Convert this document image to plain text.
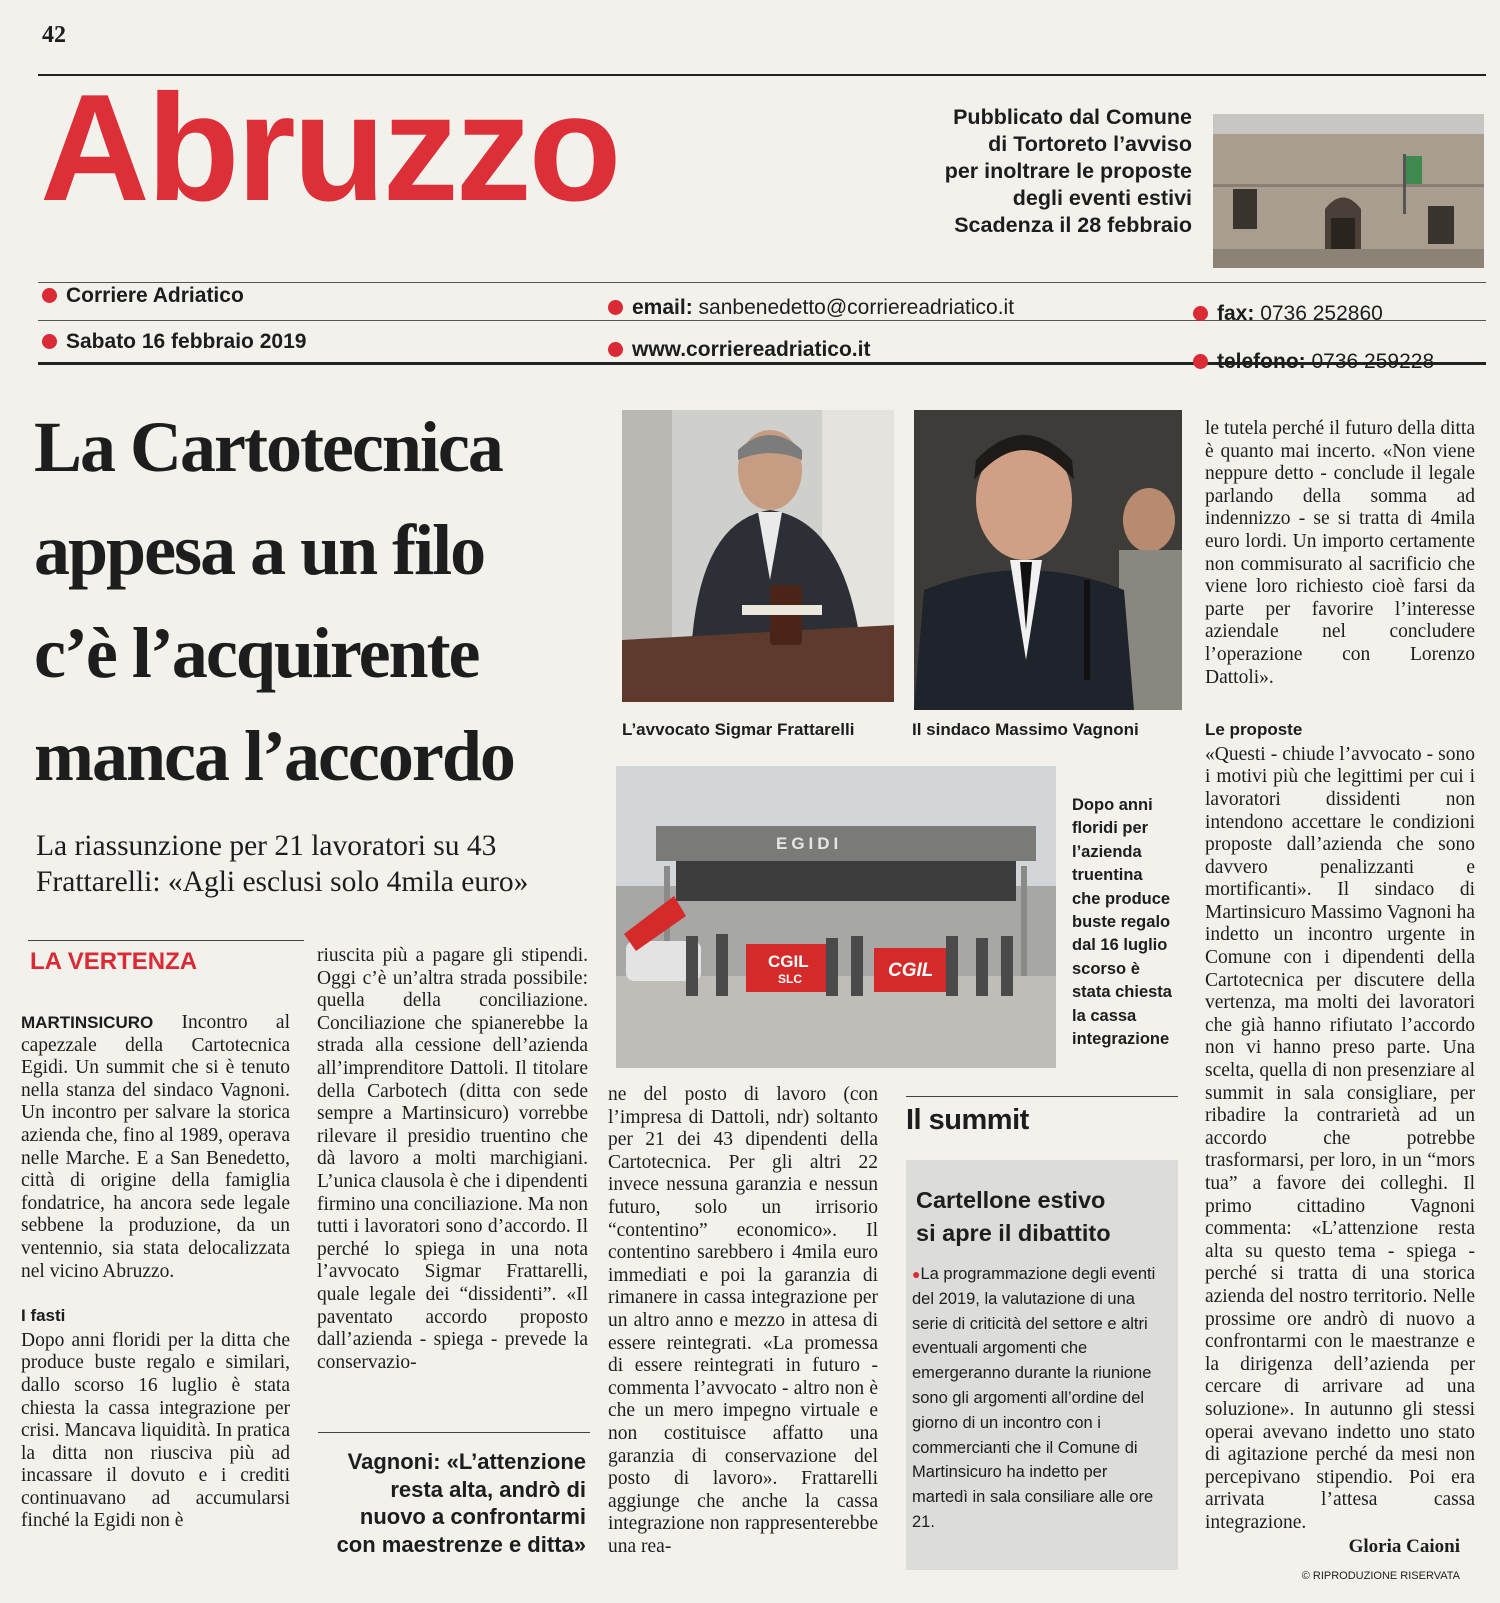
42
Abruzzo	Pubblicato dal Comune
di Tortoreto l’avviso
per inoltrare le proposte
degli eventi estivi
Scadenza il 28 febbraio
Corriere Adriatico
Sabato 16 febbraio 2019
email: sanbenedetto@corriereadriatico.it
www.corriereadriatico.it
fax: 0736 252860
telefono: 0736 259228
La Cartotecnica
appesa a un filo
c’è l’acquirente
manca l’accordo
La riassunzione per 21 lavoratori su 43
Frattarelli: «Agli esclusi solo 4mila euro»
LA VERTENZA

MARTINSICURO Incontro al capezzale della Cartotecnica Egidi. Un summit che si è tenuto nella stanza del sindaco Vagnoni. Un incontro per salvare la storica azienda che, fino al 1989, operava nelle Marche. E a San Benedetto, città di origine della famiglia fondatrice, ha ancora sede legale sebbene la produzione, da un ventennio, sia stata delocalizzata nel vicino Abruzzo.

I fasti

Dopo anni floridi per la ditta che produce buste regalo e similari, dallo scorso 16 luglio è stata chiesta la cassa integrazione per crisi. Mancava liquidità. In pratica la ditta non riusciva più ad incassare il dovuto e i crediti continuavano ad accumularsi finché la Egidi non è

riuscita più a pagare gli stipendi. Oggi c’è un’altra strada possibile: quella della conciliazione. Conciliazione che spianerebbe la strada alla cessione dell’azienda all’imprenditore Dattoli. Il titolare della Carbotech (ditta con sede sempre a Martinsicuro) vorrebbe rilevare il presidio truentino che dà lavoro a molti marchigiani. L’unica clausola è che i dipendenti firmino una conciliazione. Ma non tutti i lavoratori sono d’accordo. Il perché lo spiega in una nota l’avvocato Sigmar Frattarelli, quale legale dei “dissidenti”. «Il paventato accordo proposto dall’azienda - spiega - prevede la conservazio-

Vagnoni: «L’attenzione
resta alta, andrò di
nuovo a confrontarmi
con maestrenze e ditta»
L’avvocato Sigmar Frattarelli	Il sindaco Massimo Vagnoni
EGIDI
CGIL
SLC	CGIL
Dopo anni
floridi per
l’azienda
truentina
che produce
buste regalo
dal 16 luglio
scorso è
stata chiesta
la cassa
integrazione

ne del posto di lavoro (con l’impresa di Dattoli, ndr) soltanto per 21 dei 43 dipendenti della Cartotecnica. Per gli altri 22 invece nessuna garanzia e nessun futuro, solo un irrisorio “contentino” economico». Il contentino sarebbero i 4mila euro immediati e poi la garanzia di rimanere in cassa integrazione per un altro anno e mezzo in attesa di essere reintegrati. «La promessa di essere reintegrati in futuro - commenta l’avvocato - altro non è che un mero impegno virtuale e non costituisce affatto una garanzia di conservazione del posto di lavoro». Frattarelli aggiunge che anche la cassa integrazione non rappresenterebbe una rea-

Il summit
Cartellone estivo
si apre il dibattito
●La programmazione degli eventi del 2019, la valutazione di una serie di criticità del settore e altri eventuali argomenti che emergeranno durante la riunione sono gli argomenti all’ordine del giorno di un incontro con i commercianti che il Comune di Martinsicuro ha indetto per martedì in sala consiliare alle ore 21.

le tutela perché il futuro della ditta è quanto mai incerto. «Non viene neppure detto - conclude il legale parlando della somma ad indennizzo - se si tratta di 4mila euro lordi. Un importo certamente non commisurato al sacrificio che viene loro richiesto cioè farsi da parte per favorire l’interesse aziendale nel concludere l’operazione con Lorenzo Dattoli».

Le proposte

«Questi - chiude l’avvocato - sono i motivi più che legittimi per cui i lavoratori dissidenti non intendono accettare le condizioni proposte dall’azienda che sono davvero penalizzanti e mortificanti». Il sindaco di Martinsicuro Massimo Vagnoni ha indetto un incontro urgente in Comune con i dipendenti della Cartotecnica per discutere della vertenza, ma molti dei lavoratori che già hanno rifiutato l’accordo non vi hanno preso parte. Una scelta, quella di non presenziare al summit in sala consigliare, per ribadire la contrarietà ad un accordo che potrebbe trasformarsi, per loro, in un “mors tua” a favore dei colleghi. Il primo cittadino Vagnoni commenta: «L’attenzione resta alta su questo tema - spiega - perché si tratta di una storica azienda del nostro territorio. Nelle prossime ore andrò di nuovo a confrontarmi con le maestranze e la dirigenza dell’azienda per cercare di arrivare ad una soluzione». In autunno gli stessi operai avevano indetto uno stato di agitazione perché da mesi non percepivano stipendio. Poi era arrivata l’attesa cassa integrazione.

Gloria Caioni
© RIPRODUZIONE RISERVATA
